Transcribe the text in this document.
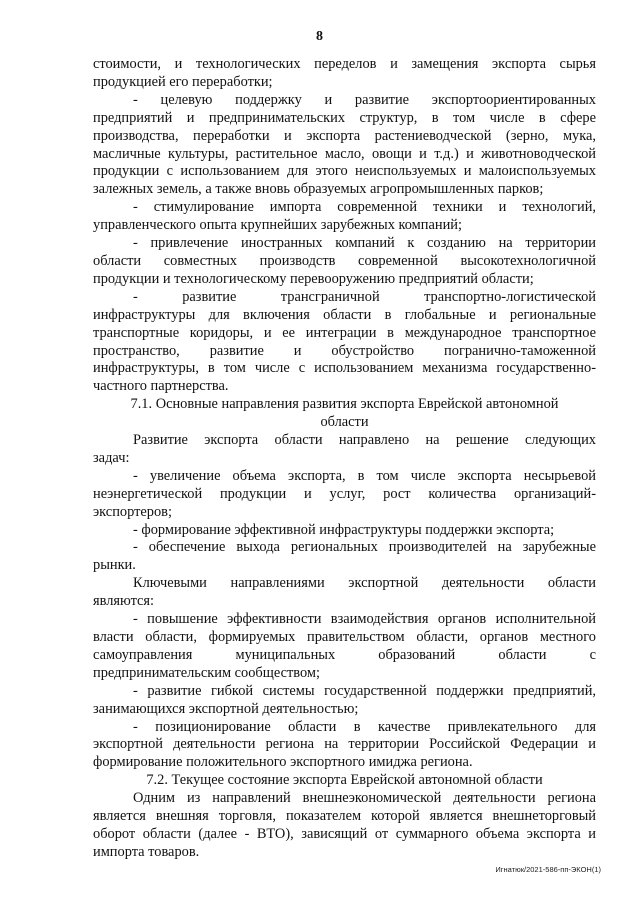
8

стоимости, и технологических переделов и замещения экспорта сырья

продукцией его переработки;

- целевую поддержку и развитие экспортоориентированных

предприятий и предпринимательских структур, в том числе в сфере

производства, переработки и экспорта растениеводческой (зерно, мука,

масличные культуры, растительное масло, овощи и т.д.) и животноводческой

продукции с использованием для этого неиспользуемых и малоиспользуемых

залежных земель, а также вновь образуемых агропромышленных парков;

- стимулирование импорта современной техники и технологий,

управленческого опыта крупнейших зарубежных компаний;

- привлечение иностранных компаний к созданию на территории

области совместных производств современной высокотехнологичной

продукции и технологическому перевооружению предприятий области;

- развитие трансграничной транспортно-логистической

инфраструктуры для включения области в глобальные и региональные

транспортные коридоры, и ее интеграции в международное транспортное

пространство, развитие и обустройство погранично-таможенной

инфраструктуры, в том числе с использованием механизма государственно-

частного партнерства.

7.1. Основные направления развития экспорта Еврейской автономной

области

Развитие экспорта области направлено на решение следующих

задач:

- увеличение объема экспорта, в том числе экспорта несырьевой

неэнергетической продукции и услуг, рост количества организаций-

экспортеров;

- формирование эффективной инфраструктуры поддержки экспорта;

- обеспечение выхода региональных производителей на зарубежные

рынки.

Ключевыми направлениями экспортной деятельности области

являются:

- повышение эффективности взаимодействия органов исполнительной

власти области, формируемых правительством области, органов местного

самоуправления муниципальных образований области с

предпринимательским сообществом;

- развитие гибкой системы государственной поддержки предприятий,

занимающихся экспортной деятельностью;

- позиционирование области в качестве привлекательного для

экспортной деятельности региона на территории Российской Федерации и

формирование положительного экспортного имиджа региона.

7.2. Текущее состояние экспорта Еврейской автономной области

Одним из направлений внешнеэкономической деятельности региона

является внешняя торговля, показателем которой является внешнеторговый

оборот области (далее - ВТО), зависящий от суммарного объема экспорта и

импорта товаров.

Игнатюк/2021-586-пп-ЭКОН(1)
